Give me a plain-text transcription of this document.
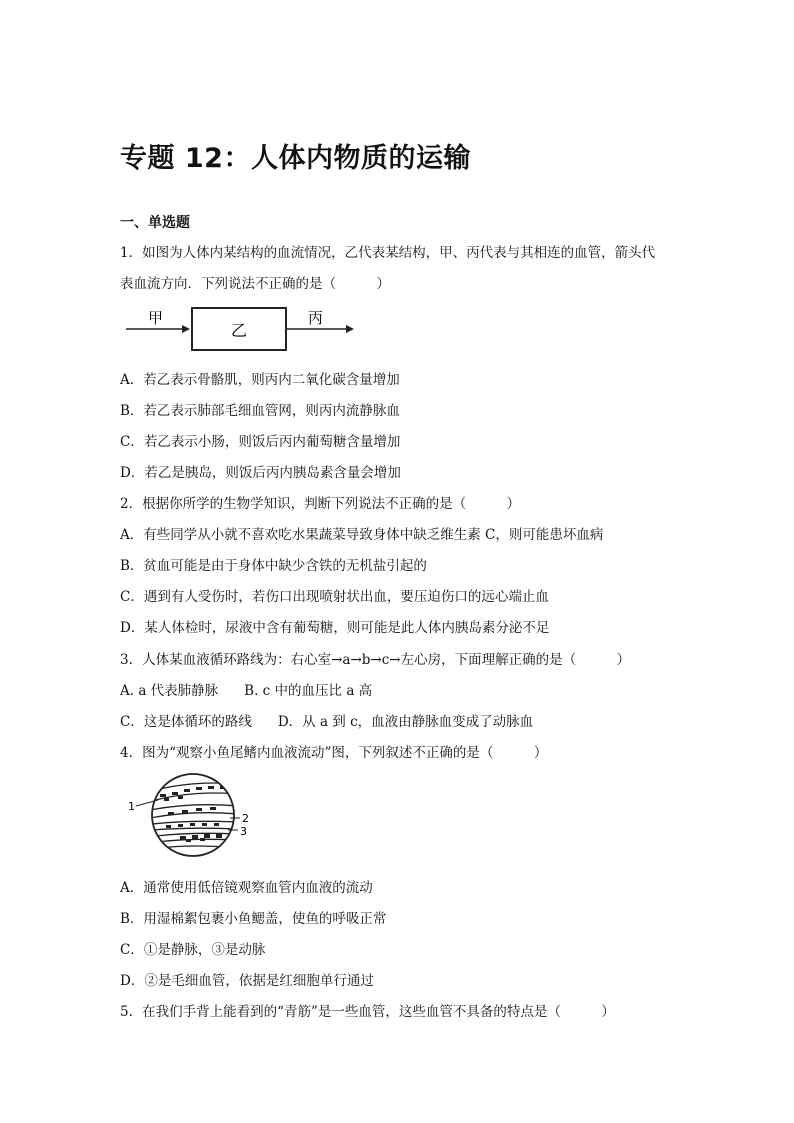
专题 12：人体内物质的运输
一、单选题
1．如图为人体内某结构的血流情况，乙代表某结构，甲、丙代表与其相连的血管，箭头代
表血流方向．下列说法不正确的是（　　　）
甲
乙
丙
A．若乙表示骨骼肌，则丙内二氧化碳含量增加
B．若乙表示肺部毛细血管网，则丙内流静脉血
C．若乙表示小肠，则饭后丙内葡萄糖含量增加
D．若乙是胰岛，则饭后丙内胰岛素含量会增加
2．根据你所学的生物学知识，判断下列说法不正确的是（　　　）
A．有些同学从小就不喜欢吃水果蔬菜导致身体中缺乏维生素 C，则可能患坏血病
B．贫血可能是由于身体中缺少含铁的无机盐引起的
C．遇到有人受伤时，若伤口出现喷射状出血，要压迫伤口的远心端止血
D．某人体检时，尿液中含有葡萄糖，则可能是此人体内胰岛素分泌不足
3．人体某血液循环路线为：右心室→a→b→c→左心房，下面理解正确的是（　　　）
A. a 代表肺静脉 B. c 中的血压比 a 高
C．这是体循环的路线 D．从 a 到 c，血液由静脉血变成了动脉血
4．图为“观察小鱼尾鳍内血液流动”图，下列叙述不正确的是（　　　）
1
2
3
A．通常使用低倍镜观察血管内血液的流动
B．用湿棉絮包裹小鱼鳃盖，使鱼的呼吸正常
C．①是静脉，③是动脉
D．②是毛细血管，依据是红细胞单行通过
5．在我们手背上能看到的“青筋”是一些血管，这些血管不具备的特点是（　　　）
